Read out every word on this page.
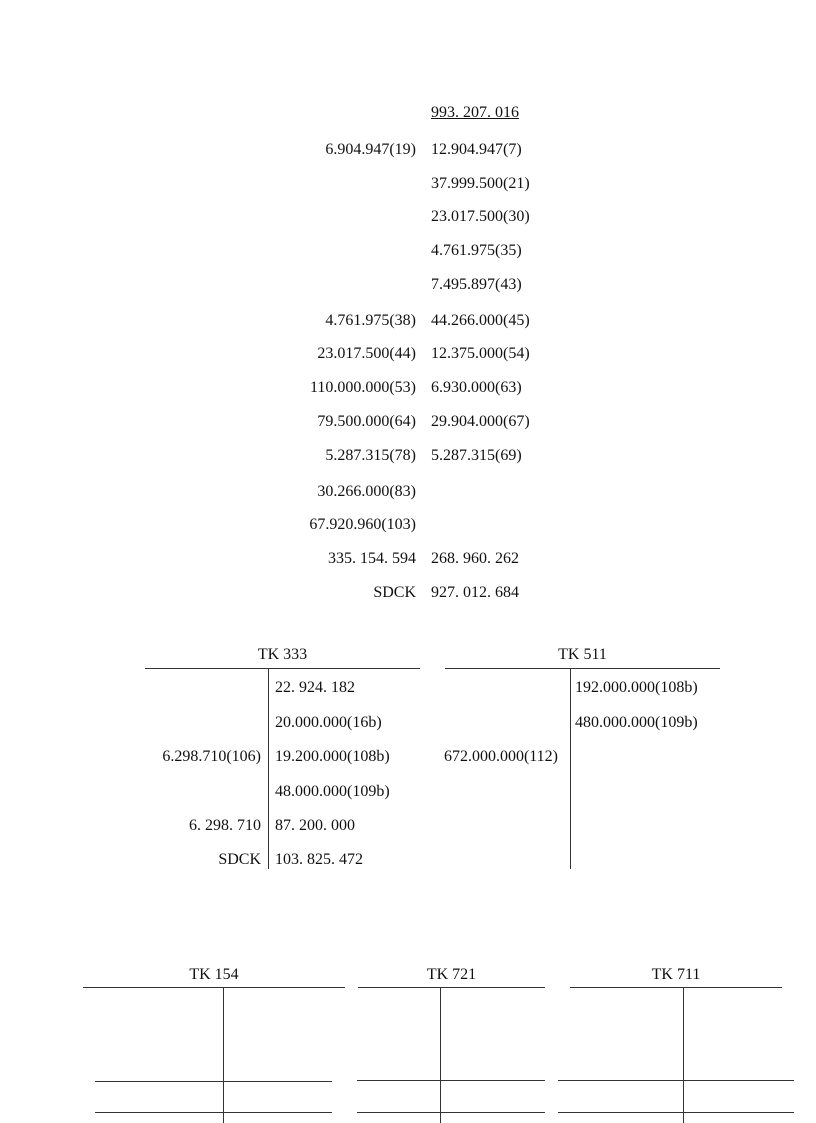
993. 207. 016
6.904.947(19) 12.904.947(7)
37.999.500(21)
23.017.500(30)
4.761.975(35)
7.495.897(43)
4.761.975(38) 44.266.000(45)
23.017.500(44) 12.375.000(54)
110.000.000(53) 6.930.000(63)
79.500.000(64) 29.904.000(67)
5.287.315(78) 5.287.315(69)
30.266.000(83)
67.920.960(103)
335. 154. 594 268. 960. 262
SDCK 927. 012. 684
TK 333
22. 924. 182
20.000.000(16b)
6.298.710(106) 19.200.000(108b)
48.000.000(109b)
6. 298. 710 87. 200. 000
SDCK 103. 825. 472
TK 511
192.000.000(108b)
480.000.000(109b)
672.000.000(112)
TK 154	TK 721	TK 711
